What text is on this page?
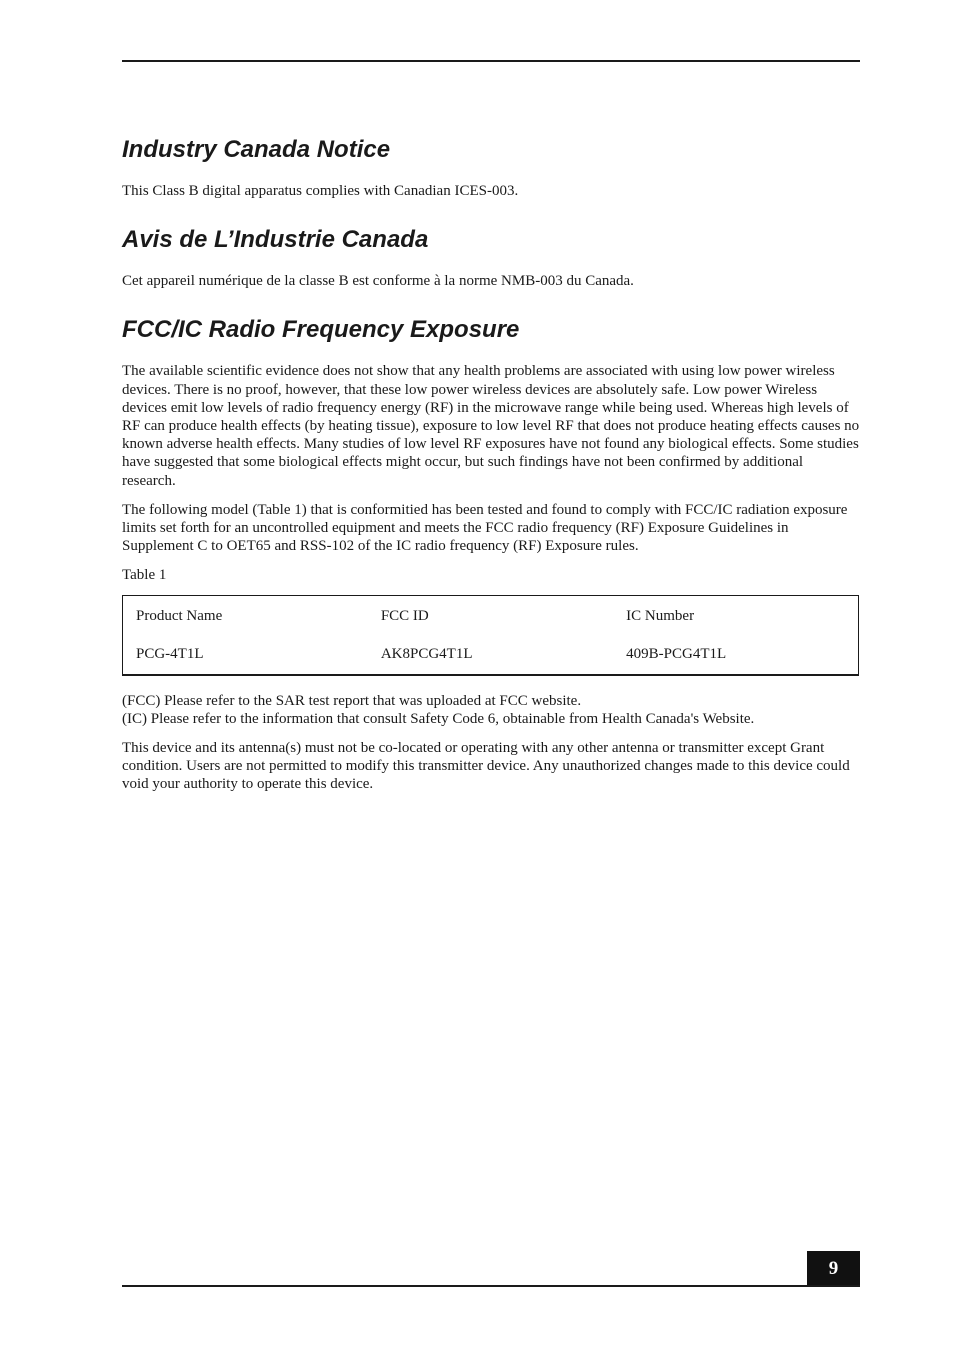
Industry Canada Notice

This Class B digital apparatus complies with Canadian ICES-003.

Avis de L’Industrie Canada

Cet appareil numérique de la classe B est conforme à la norme NMB-003 du Canada.

FCC/IC Radio Frequency Exposure

The available scientific evidence does not show that any health problems are associated with using low power wireless devices. There is no proof, however, that these low power wireless devices are absolutely safe. Low power Wireless devices emit low levels of radio frequency energy (RF) in the microwave range while being used. Whereas high levels of RF can produce health effects (by heating tissue), exposure to low level RF that does not produce heating effects causes no known adverse health effects. Many studies of low level RF exposures have not found any biological effects. Some studies have suggested that some biological effects might occur, but such findings have not been confirmed by additional research.

The following model (Table 1) that is conformitied has been tested and found to comply with FCC/IC radiation exposure limits set forth for an uncontrolled equipment and meets the FCC radio frequency (RF) Exposure Guidelines in Supplement C to OET65 and RSS-102 of the IC radio frequency (RF) Exposure rules.

Table 1

Product Name	FCC ID	IC Number
PCG-4T1L	AK8PCG4T1L	409B-PCG4T1L

(FCC) Please refer to the SAR test report that was uploaded at FCC website.

(IC) Please refer to the information that consult Safety Code 6, obtainable from Health Canada's Website.

This device and its antenna(s) must not be co-located or operating with any other antenna or transmitter except Grant condition. Users are not permitted to modify this transmitter device. Any unauthorized changes made to this device could void your authority to operate this device.

9
